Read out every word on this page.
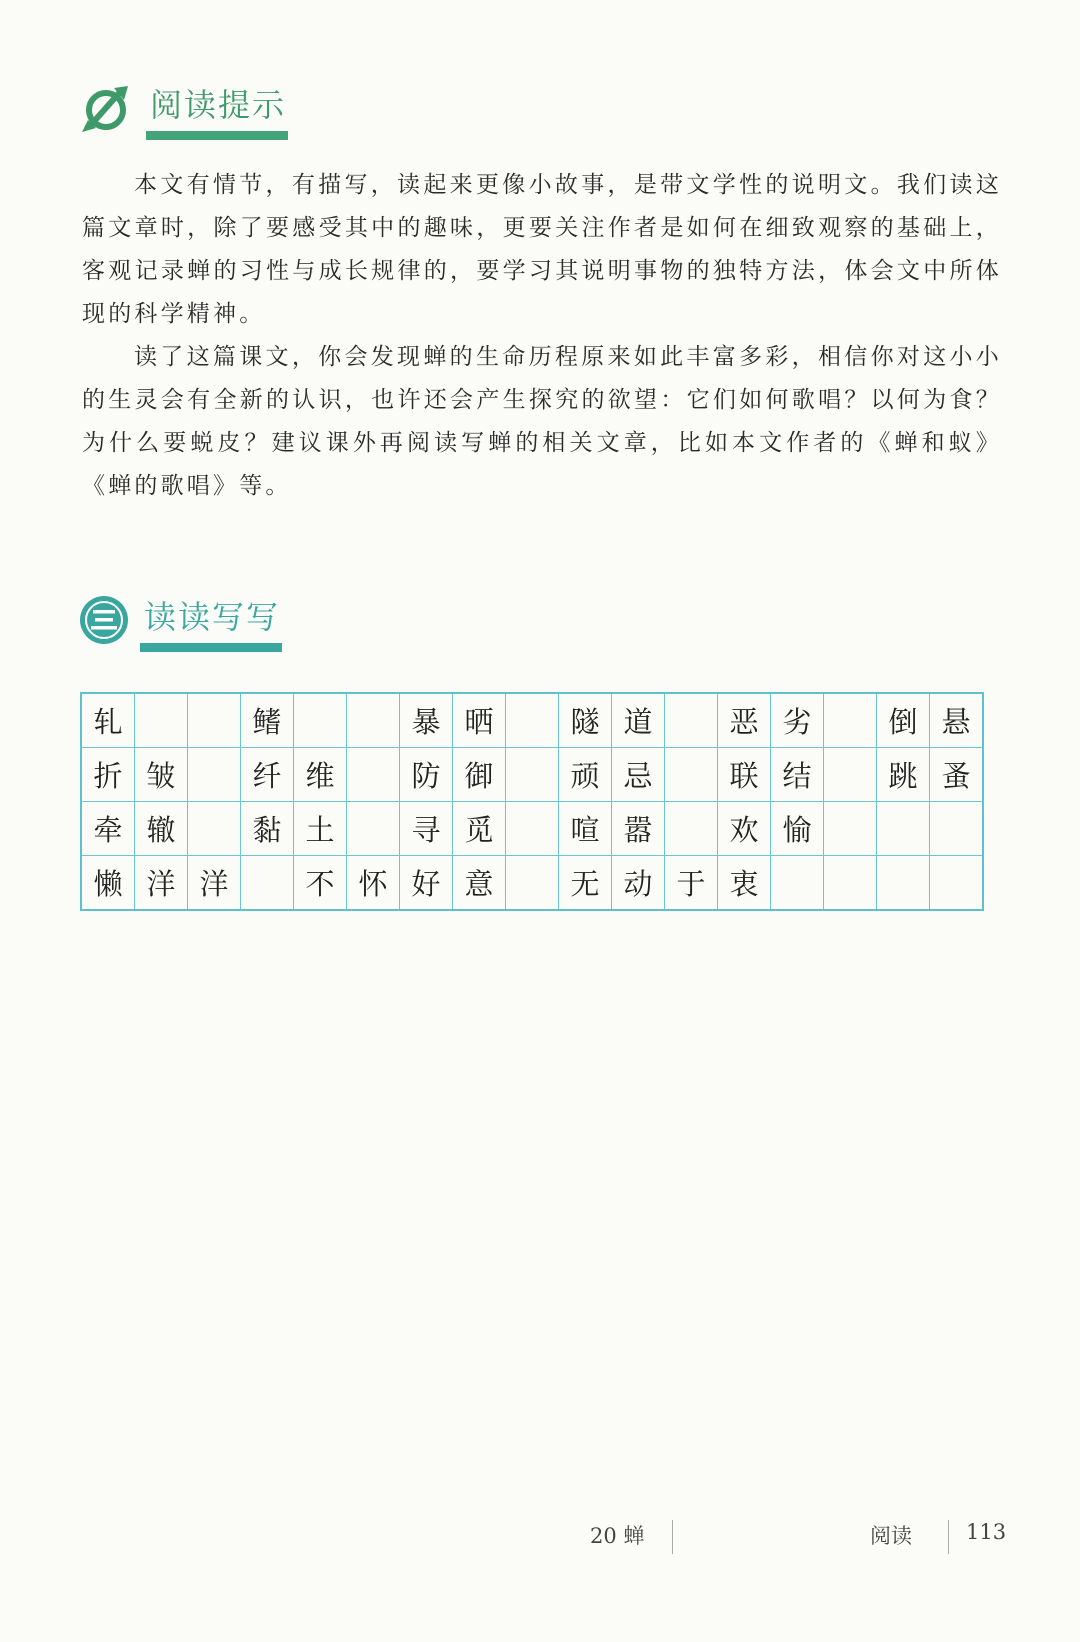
阅读提示

本文有情节，有描写，读起来更像小故事，是带文学性的说明文。我们读这篇文章时，除了要感受其中的趣味，更要关注作者是如何在细致观察的基础上，客观记录蝉的习性与成长规律的，要学习其说明事物的独特方法，体会文中所体现的科学精神。

读了这篇课文，你会发现蝉的生命历程原来如此丰富多彩，相信你对这小小的生灵会有全新的认识，也许还会产生探究的欲望：它们如何歌唱？以何为食？为什么要蜕皮？建议课外再阅读写蝉的相关文章，比如本文作者的《蝉和蚁》《蝉的歌唱》等。

读读写写
轧			鳍			暴	晒		隧	道		恶	劣		倒	悬
折	皱		纤	维		防	御		顽	忌		联	结		跳	蚤
牵	辙		黏	土		寻	觅		喧	嚣		欢	愉			
懒	洋	洋		不	怀	好	意		无	动	于	衷				
20 蝉	阅读	113
